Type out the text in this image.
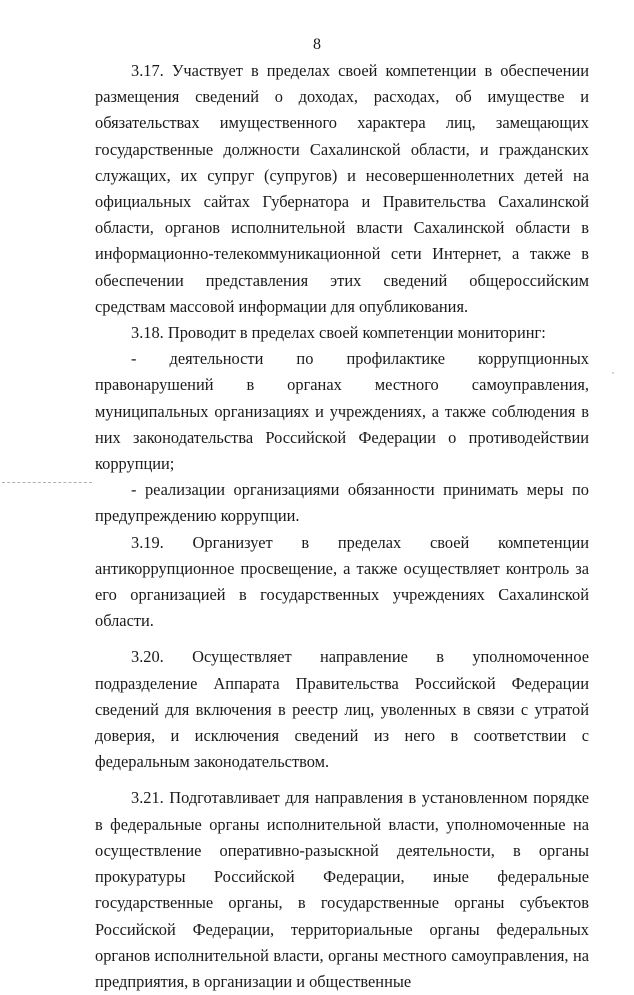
8

3.17. Участвует в пределах своей компетенции в обеспечении размещения сведений о доходах, расходах, об имуществе и обязательствах имущественного характера лиц, замещающих государственные должности Сахалинской области, и гражданских служащих, их супруг (супругов) и несовершеннолетних детей на официальных сайтах Губернатора и Правительства Сахалинской области, органов исполнительной власти Сахалинской области в информационно-телекоммуникационной сети Интернет, а также в обеспечении представления этих сведений общероссийским средствам массовой информации для опубликования.

3.18. Проводит в пределах своей компетенции мониторинг:

- деятельности по профилактике коррупционных правонарушений в органах местного самоуправления, муниципальных организациях и учреждениях, а также соблюдения в них законодательства Российской Федерации о противодействии коррупции;

- реализации организациями обязанности принимать меры по предупреждению коррупции.

3.19. Организует в пределах своей компетенции антикоррупционное просвещение, а также осуществляет контроль за его организацией в государственных учреждениях Сахалинской области.

3.20. Осуществляет направление в уполномоченное подразделение Аппарата Правительства Российской Федерации сведений для включения в реестр лиц, уволенных в связи с утратой доверия, и исключения сведений из него в соответствии с федеральным законодательством.

3.21. Подготавливает для направления в установленном порядке в федеральные органы исполнительной власти, уполномоченные на осуществление оперативно-разыскной деятельности, в органы прокуратуры Российской Федерации, иные федеральные государственные органы, в государственные органы субъектов Российской Федерации, территориальные органы федеральных органов исполнительной власти, органы местного самоуправления, на предприятия, в организации и общественные
